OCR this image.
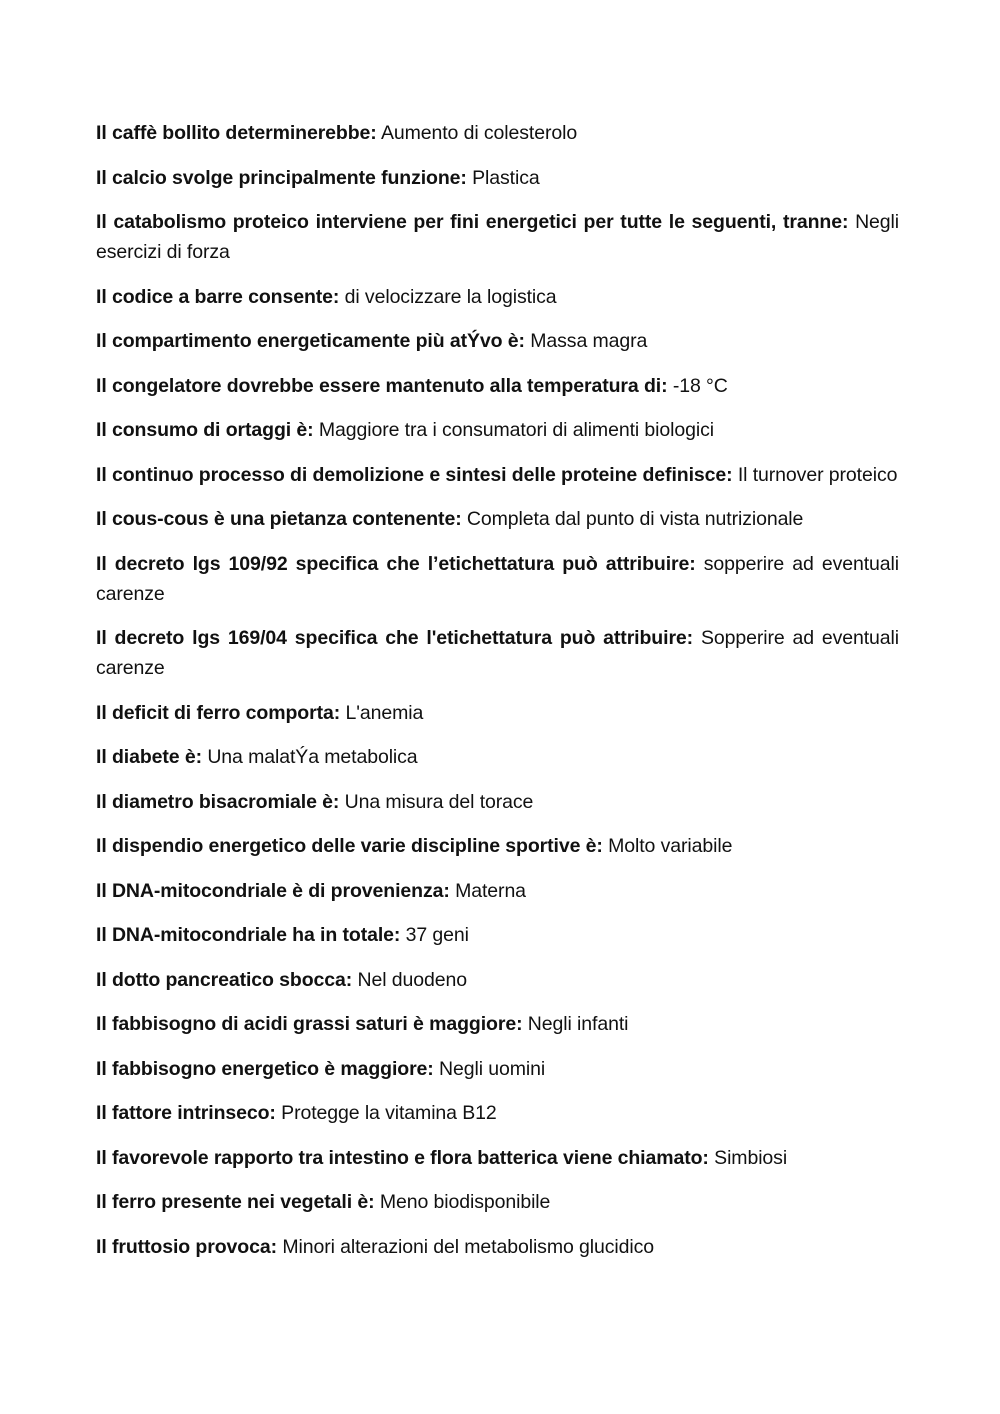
Il caffè bollito determinerebbe: Aumento di colesterolo
Il calcio svolge principalmente funzione: Plastica
Il catabolismo proteico interviene per fini energetici per tutte le seguenti, tranne: Negli esercizi di forza
Il codice a barre consente: di velocizzare la logistica
Il compartimento energeticamente più atÝvo è: Massa magra
Il congelatore dovrebbe essere mantenuto alla temperatura di: -18 °C
Il consumo di ortaggi è: Maggiore tra i consumatori di alimenti biologici
Il continuo processo di demolizione e sintesi delle proteine definisce: Il turnover proteico
Il cous-cous è una pietanza contenente: Completa dal punto di vista nutrizionale
Il decreto lgs 109/92 specifica che l’etichettatura può attribuire: sopperire ad eventuali carenze
Il decreto lgs 169/04 specifica che l'etichettatura può attribuire: Sopperire ad eventuali carenze
Il deficit di ferro comporta: L'anemia
Il diabete è: Una malatÝa metabolica
Il diametro bisacromiale è: Una misura del torace
Il dispendio energetico delle varie discipline sportive è: Molto variabile
Il DNA-mitocondriale è di provenienza: Materna
Il DNA-mitocondriale ha in totale: 37 geni
Il dotto pancreatico sbocca: Nel duodeno
Il fabbisogno di acidi grassi saturi è maggiore: Negli infanti
Il fabbisogno energetico è maggiore: Negli uomini
Il fattore intrinseco: Protegge la vitamina B12
Il favorevole rapporto tra intestino e flora batterica viene chiamato: Simbiosi
Il ferro presente nei vegetali è: Meno biodisponibile
Il fruttosio provoca: Minori alterazioni del metabolismo glucidico
